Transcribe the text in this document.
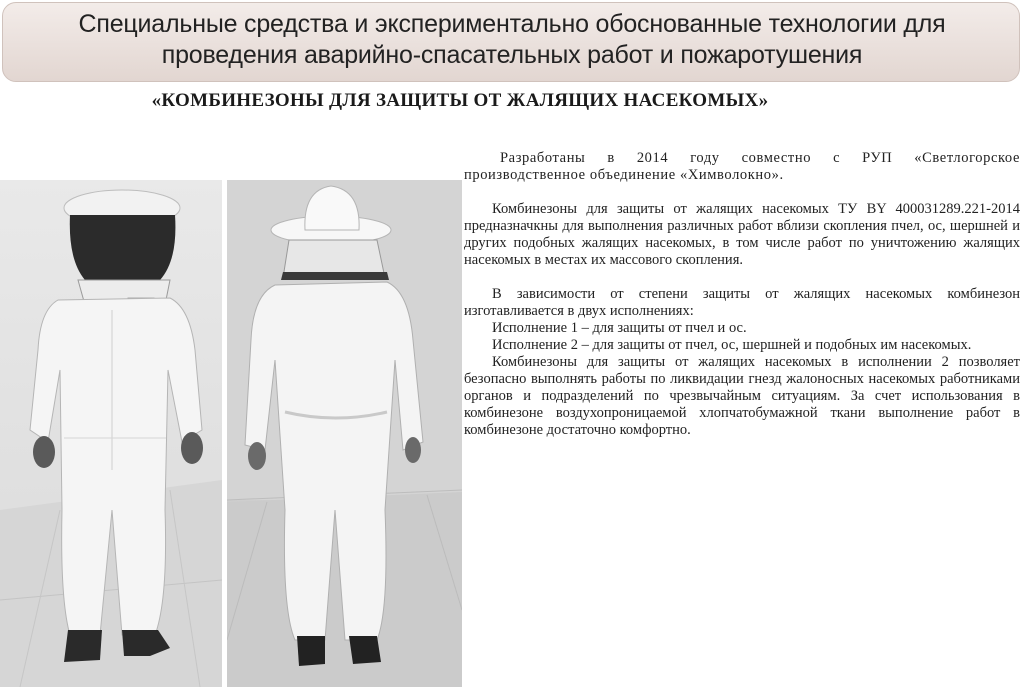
Специальные средства и экспериментально обоснованные технологии для
проведения аварийно-спасательных работ и пожаротушения
«КОМБИНЕЗОНЫ ДЛЯ ЗАЩИТЫ ОТ ЖАЛЯЩИХ НАСЕКОМЫХ»

Разработаны в 2014 году совместно с РУП «Светлогорское производственное объединение «Химволокно».

Комбинезоны для защиты от жалящих насекомых ТУ BY 400031289.221-2014 предназначкны для выполнения различных работ вблизи скопления пчел, ос, шершней и других подобных жалящих насекомых, в том числе работ по уничтожению жалящих насекомых в местах их массового скопления.

В зависимости от степени защиты от жалящих насекомых комбинезон изготавливается в двух исполнениях:

Исполнение 1 – для защиты от пчел и ос.

Исполнение 2 – для защиты от пчел, ос, шершней и подобных им насекомых.

Комбинезоны для защиты от жалящих насекомых в исполнении 2 позволяет безопасно выполнять работы по ликвидации гнезд жалоносных насекомых работниками органов и подразделений по чрезвычайным ситуациям. За счет использования в комбинезоне воздухопроницаемой хлопчатобумажной ткани выполнение работ в комбинезоне достаточно комфортно.
